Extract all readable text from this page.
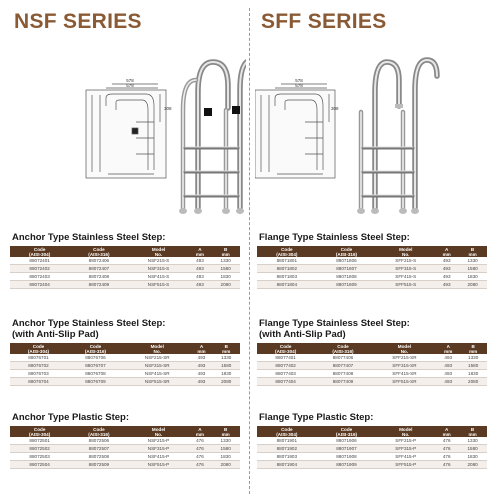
NSF SERIES
578
578
308
Anchor Type Stainless Steel Step:
Code
(AISI-304)	Code
(AISI-316)	Model
No.	A
mm	B
mm
88072401	88072406	NSF215-S	493	1330
88072402	88072407	NSF315-S	493	1580
88072403	88072408	NSF415-S	493	1830
88072404	88072409	NSF515-S	493	2080
Anchor Type Stainless Steel Step:
(with Anti-Slip Pad)
Code
(AISI-304)	Code
(AISI-316)	Model
No.	A
mm	B
mm
88076701	88076706	NSF215-SR	493	1330
88076702	88076707	NSF315-SR	493	1580
88076703	88076708	NSF415-SR	493	1830
88076704	88076709	NSF515-SR	493	2080
Anchor Type Plastic Step:
Code
(AISI-304)	Code
(AISI-316)	Model
No.	A
mm	B
mm
88072501	88072506	NSF215-P	476	1330
88072502	88072507	NSF315-P	476	1580
88072503	88072508	NSF415-P	476	1830
88072504	88072509	NSF515-P	476	2080
SFF SERIES
578
578
308
Flange Type Stainless Steel Step:
Code
(AISI-304)	Code
(AISI-316)	Model
No.	A
mm	B
mm
88071801	88071806	SFF215-S	493	1330
88071802	88071807	SFF315-S	493	1580
88071803	88071808	SFF415-S	493	1830
88071804	88071809	SFF515-S	493	2080
Flange Type Stainless Steel Step:
(with Anti-Slip Pad)
Code
(AISI-304)	Code
(AISI-316)	Model
No.	A
mm	B
mm
88077401	88077406	SFF215-SR	493	1330
88077402	88077407	SFF315-SR	493	1580
88077403	88077408	SFF415-SR	493	1830
88077404	88077409	SFF515-SR	493	2080
Flange Type Plastic Step:
Code
(AISI-304)	Code
(AISI-316)	Model
No.	A
mm	B
mm
88071901	88071906	SFF215-P	476	1330
88071902	88071907	SFF315-P	476	1580
88071903	88071908	SFF415-P	476	1830
88071904	88071909	SFF515-P	476	2080
